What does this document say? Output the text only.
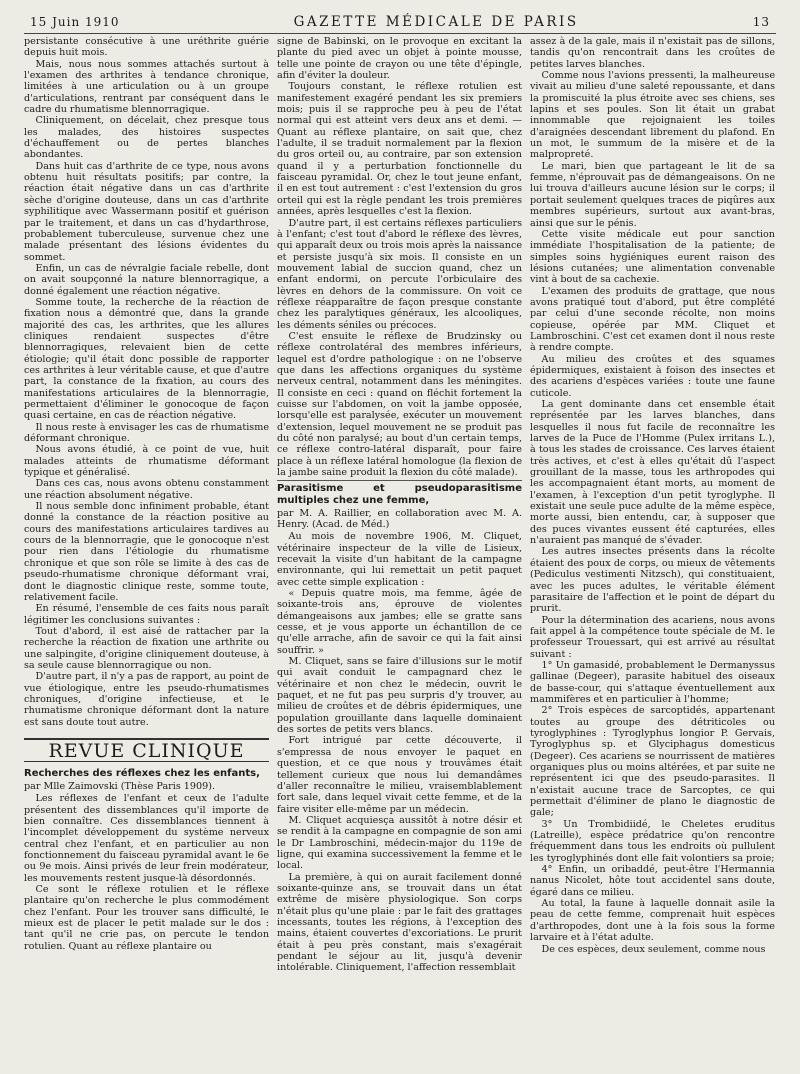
15 Juin 1910	GAZETTE MÉDICALE DE PARIS	13

persistante consécutive à une uréthrite guérie depuis huit mois.

Mais, nous nous sommes attachés surtout à l'examen des arthrites à tendance chronique, limitées à une articulation ou à un groupe d'articulations, rentrant par conséquent dans le cadre du rhumatisme blennorragique.

Cliniquement, on décelait, chez presque tous les malades, des histoires suspectes d'échauffement ou de pertes blanches abondantes.

Dans huit cas d'arthrite de ce type, nous avons obtenu huit résultats positifs; par contre, la réaction était négative dans un cas d'arthrite sèche d'origine douteuse, dans un cas d'arthrite syphilitique avec Wassermann positif et guérison par le traitement, et dans un cas d'hydarthrose, probablement tuberculeuse, survenue chez une malade présentant des lésions évidentes du sommet.

Enfin, un cas de névralgie faciale rebelle, dont on avait soupçonné la nature blennorragique, a donné également une réaction négative.

Somme toute, la recherche de la réaction de fixation nous a démontré que, dans la grande majorité des cas, les arthrites, que les allures cliniques rendaient suspectes d'être blennorragiques, relevaient bien de cette étiologie; qu'il était donc possible de rapporter ces arthrites à leur véritable cause, et que d'autre part, la constance de la fixation, au cours des manifestations articulaires de la blennorragie, permettaient d'éliminer le gonocoque de façon quasi certaine, en cas de réaction négative.

Il nous reste à envisager les cas de rhumatisme déformant chronique.

Nous avons étudié, à ce point de vue, huit malades atteints de rhumatisme déformant typique et généralisé.

Dans ces cas, nous avons obtenu constamment une réaction absolument négative.

Il nous semble donc infiniment probable, étant donné la constance de la réaction positive au cours des manifestations articulaires tardives au cours de la blennorragie, que le gonocoque n'est pour rien dans l'étiologie du rhumatisme chronique et que son rôle se limite à des cas de pseudo-rhumatisme chronique déformant vrai, dont le diagnostic clinique reste, somme toute, relativement facile.

En résumé, l'ensemble de ces faits nous paraît légitimer les conclusions suivantes :

Tout d'abord, il est aisé de rattacher par la recherche la réaction de fixation une arthrite ou une salpingite, d'origine cliniquement douteuse, à sa seule cause blennorragique ou non.

D'autre part, il n'y a pas de rapport, au point de vue étiologique, entre les pseudo-rhumatismes chroniques, d'origine infectieuse, et le rhumatisme chronique déformant dont la nature est sans doute tout autre.

REVUE CLINIQUE
Recherches des réflexes chez les enfants,
par Mlle Zaimovski (Thèse Paris 1909).

Les réflexes de l'enfant et ceux de l'adulte présentent des dissemblances qu'il importe de bien connaître. Ces dissemblances tiennent à l'incomplet développement du système nerveux central chez l'enfant, et en particulier au non fonctionnement du faisceau pyramidal avant le 6e ou 9e mois. Ainsi privés de leur frein modérateur, les mouvements restent jusque-là désordonnés.

Ce sont le réflexe rotulien et le réflexe plantaire qu'on recherche le plus commodément chez l'enfant. Pour les trouver sans difficulté, le mieux est de placer le petit malade sur le dos : tant qu'il ne crie pas, on percute le tendon rotulien. Quant au réflexe plantaire ou

signe de Babinski, on le provoque en excitant la plante du pied avec un objet à pointe mousse, telle une pointe de crayon ou une tête d'épingle, afin d'éviter la douleur.

Toujours constant, le réflexe rotulien est manifestement exagéré pendant les six premiers mois; puis il se rapproche peu à peu de l'état normal qui est atteint vers deux ans et demi. — Quant au réflexe plantaire, on sait que, chez l'adulte, il se traduit normalement par la flexion du gros orteil ou, au contraire, par son extension quand il y a perturbation fonctionnelle du faisceau pyramidal. Or, chez le tout jeune enfant, il en est tout autrement : c'est l'extension du gros orteil qui est la règle pendant les trois premières années, après lesquelles c'est la flexion.

D'autre part, il est certains réflexes particuliers à l'enfant; c'est tout d'abord le réflexe des lèvres, qui apparaît deux ou trois mois après la naissance et persiste jusqu'à six mois. Il consiste en un mouvement labial de succion quand, chez un enfant endormi, on percute l'orbiculaire des lèvres en dehors de la commissure. On voit ce réflexe réapparaître de façon presque constante chez les paralytiques généraux, les alcooliques, les déments séniles ou précoces.

C'est ensuite le réflexe de Brudzinsky ou réflexe controlatéral des membres inférieurs, lequel est d'ordre pathologique : on ne l'observe que dans les affections organiques du système nerveux central, notamment dans les méningites. Il consiste en ceci : quand on fléchit fortement la cuisse sur l'abdomen, on voit la jambe opposée, lorsqu'elle est paralysée, exécuter un mouvement d'extension, lequel mouvement ne se produit pas du côté non paralysé; au bout d'un certain temps, ce réflexe contro-latéral disparaît, pour faire place à un réflexe latéral homologue (la flexion de la jambe saine produit la flexion du côté malade).

Parasitisme et pseudoparasitisme multiples chez une femme,
par M. A. Raillier, en collaboration avec M. A. Henry. (Acad. de Méd.)

Au mois de novembre 1906, M. Cliquet, vétérinaire inspecteur de la ville de Lisieux, recevait la visite d'un habitant de la campagne environnante, qui lui remettait un petit paquet avec cette simple explication :

« Depuis quatre mois, ma femme, âgée de soixante-trois ans, éprouve de violentes démangeaisons aux jambes; elle se gratte sans cesse, et je vous apporte un échantillon de ce qu'elle arrache, afin de savoir ce qui la fait ainsi souffrir. »

M. Cliquet, sans se faire d'illusions sur le motif qui avait conduit le campagnard chez le vétérinaire et non chez le médecin, ouvrit le paquet, et ne fut pas peu surpris d'y trouver, au milieu de croûtes et de débris épidermiques, une population grouillante dans laquelle dominaient des sortes de petits vers blancs.

Fort intrigué par cette découverte, il s'empressa de nous envoyer le paquet en question, et ce que nous y trouvâmes était tellement curieux que nous lui demandâmes d'aller reconnaître le milieu, vraisemblablement fort sale, dans lequel vivait cette femme, et de la faire visiter elle-même par un médecin.

M. Cliquet acquiesça aussitôt à notre désir et se rendit à la campagne en compagnie de son ami le Dr Lambroschini, médecin-major du 119e de ligne, qui examina successivement la femme et le local.

La première, à qui on aurait facilement donné soixante-quinze ans, se trouvait dans un état extrême de misère physiologique. Son corps n'était plus qu'une plaie : par le fait des grattages incessants, toutes les régions, à l'exception des mains, étaient couvertes d'excoriations. Le prurit était à peu près constant, mais s'exagérait pendant le séjour au lit, jusqu'à devenir intolérable. Cliniquement, l'affection ressemblait

assez à de la gale, mais il n'existait pas de sillons, tandis qu'on rencontrait dans les croûtes de petites larves blanches.

Comme nous l'avions pressenti, la malheureuse vivait au milieu d'une saleté repoussante, et dans la promiscuité la plus étroite avec ses chiens, ses lapins et ses poules. Son lit était un grabat innommable que rejoignaient les toiles d'araignées descendant librement du plafond. En un mot, le summum de la misère et de la malpropreté.

Le mari, bien que partageant le lit de sa femme, n'éprouvait pas de démangeaisons. On ne lui trouva d'ailleurs aucune lésion sur le corps; il portait seulement quelques traces de piqûres aux membres supérieurs, surtout aux avant-bras, ainsi que sur le pénis.

Cette visite médicale eut pour sanction immédiate l'hospitalisation de la patiente; de simples soins hygiéniques eurent raison des lésions cutanées; une alimentation convenable vint à bout de sa cachexie.

L'examen des produits de grattage, que nous avons pratiqué tout d'abord, put être complété par celui d'une seconde récolte, non moins copieuse, opérée par MM. Cliquet et Lambroschini. C'est cet examen dont il nous reste à rendre compte.

Au milieu des croûtes et des squames épidermiques, existaient à foison des insectes et des acariens d'espèces variées : toute une faune cuticole.

La gent dominante dans cet ensemble était représentée par les larves blanches, dans lesquelles il nous fut facile de reconnaître les larves de la Puce de l'Homme (Pulex irritans L.), à tous les stades de croissance. Ces larves étaient très actives, et c'est à elles qu'était dû l'aspect grouillant de la masse, tous les arthropodes qui les accompagnaient étant morts, au moment de l'examen, à l'exception d'un petit tyroglyphe. Il existait une seule puce adulte de la même espèce, morte aussi, bien entendu, car, à supposer que des puces vivantes eussent été capturées, elles n'auraient pas manqué de s'évader.

Les autres insectes présents dans la récolte étaient des poux de corps, ou mieux de vêtements (Pediculus vestimenti Nitzsch), qui constituaient, avec les puces adultes, le véritable élément parasitaire de l'affection et le point de départ du prurit.

Pour la détermination des acariens, nous avons fait appel à la compétence toute spéciale de M. le professeur Trouessart, qui est arrivé au résultat suivant :

1° Un gamasidé, probablement le Dermanyssus gallinae (Degeer), parasite habituel des oiseaux de basse-cour, qui s'attaque éventuellement aux mammifères et en particulier à l'homme;

2° Trois espèces de sarcoptidés, appartenant toutes au groupe des détriticoles ou tyroglyphines : Tyroglyphus longior P. Gervais, Tyroglyphus sp. et Glyciphagus domesticus (Degeer). Ces acariens se nourrissent de matières organiques plus ou moins altérées, et par suite ne représentent ici que des pseudo-parasites. Il n'existait aucune trace de Sarcoptes, ce qui permettait d'éliminer de plano le diagnostic de gale;

3° Un Trombidiidé, le Cheletes eruditus (Latreille), espèce prédatrice qu'on rencontre fréquemment dans tous les endroits où pullulent les tyroglyphinés dont elle fait volontiers sa proie;

4° Enfin, un oribaddé, peut-être l'Hermannia nanus Nicolet, hôte tout accidentel sans doute, égaré dans ce milieu.

Au total, la faune à laquelle donnait asile la peau de cette femme, comprenait huit espèces d'arthropodes, dont une à la fois sous la forme larvaire et à l'état adulte.

De ces espèces, deux seulement, comme nous
